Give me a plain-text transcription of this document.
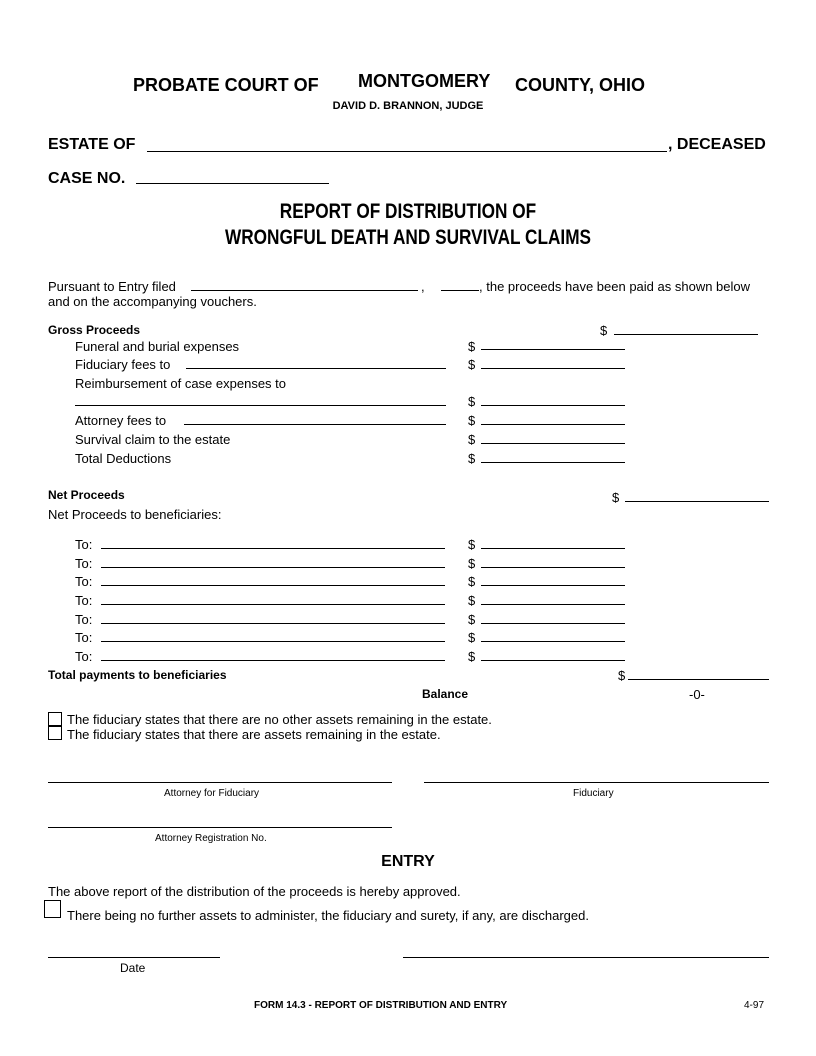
PROBATE COURT OF MONTGOMERY COUNTY, OHIO
DAVID D. BRANNON, JUDGE
ESTATE OF	, DECEASED
CASE NO.
REPORT OF DISTRIBUTION OF
WRONGFUL DEATH AND SURVIVAL CLAIMS
Pursuant to Entry filed	,	, the proceeds have been paid as shown below
and on the accompanying vouchers.
Gross Proceeds	$
Funeral and burial expenses	$
Fiduciary fees to	$
Reimbursement of case expenses to
$
Attorney fees to	$
Survival claim to the estate	$
Total Deductions	$
Net Proceeds	$
Net Proceeds to beneficiaries:
To:	$
To:	$
To:	$
To:	$
To:	$
To:	$
To:	$
Total payments to beneficiaries	$
Balance	-0-
The fiduciary states that there are no other assets remaining in the estate.
The fiduciary states that there are assets remaining in the estate.
Attorney for Fiduciary	Fiduciary
Attorney Registration No.
ENTRY
The above report of the distribution of the proceeds is hereby approved.
There being no further assets to administer, the fiduciary and surety, if any, are discharged.
Date
FORM 14.3 - REPORT OF DISTRIBUTION AND ENTRY	4-97
